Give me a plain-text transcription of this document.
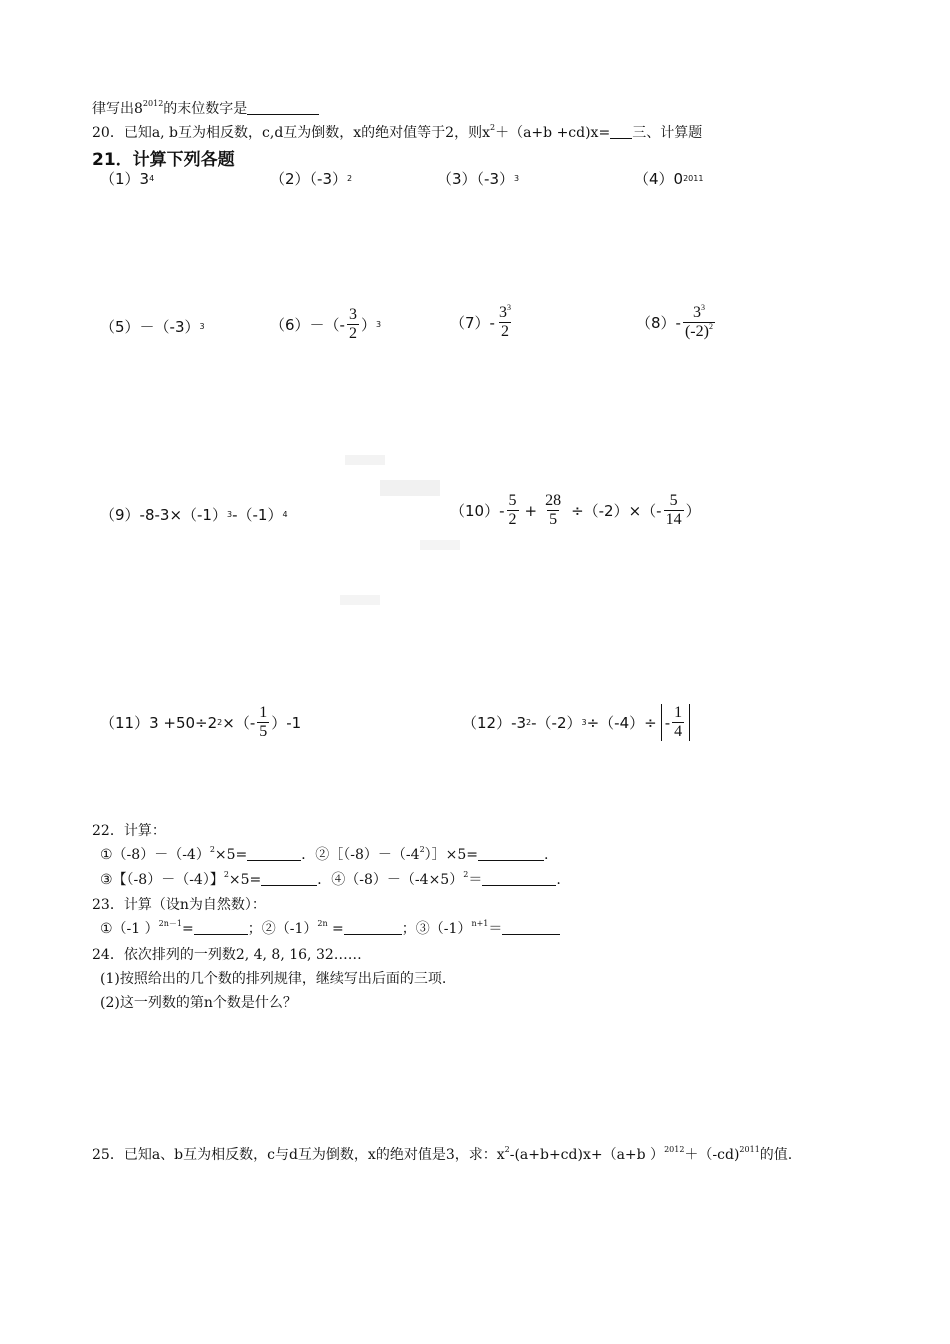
律写出$8^{2012}$的末位数字是
20．已知a, b互为相反数，c,d互为倒数，x的绝对值等于2，则$x^2+(a+b +cd)x=$ 三、计算题
21．计算下列各题
（1）3 4	（2）（-3） 2	（3）（-3） 3	（4）0 2011
（5）－（-3） 3	$(6)-(- \frac{3}{2}$ ） 3	$(7)- \frac{3^3}{2}$	$(8)- \frac{3^3}{(-2)^2}$
（9）-8-3×（-1） 3 -（-1） 4	$(10)- \frac{5}{2} + \frac{28}{5} \div(-2)\times(- \frac{5}{14}$ ）
（11）3 +50÷2 2 ×（- $\frac{1}{5} )-1$	（12）-3 2 -（-2） $3 \div(-4)\div - \frac{1}{4}$
22．计算：
$①(-8)-(-4)^2\times 5=$	．$②[(-8)-(-4^2)]\times 5=$	.
③【（-8）－（-4）】$^2$×5=	．$④(-8)-(-4\times 5)^2=$	.
23．计算（设n为自然数）：
①（-1 ）$^{2n-1}$=	；$②(-1)^{2n}$ =	；$③(-1)^{n+1}=$
24．依次排列的一列数2, 4, 8, 16, 32……
(1)按照给出的几个数的排列规律，继续写出后面的三项.
(2)这一列数的第n个数是什么？
25．已知a、b互为相反数，c与d互为倒数，x的绝对值是3，求：$x^2-(a+b+cd)x+(a+b$ ）$^{2012}$＋（-cd)$^{2011}$的值.
